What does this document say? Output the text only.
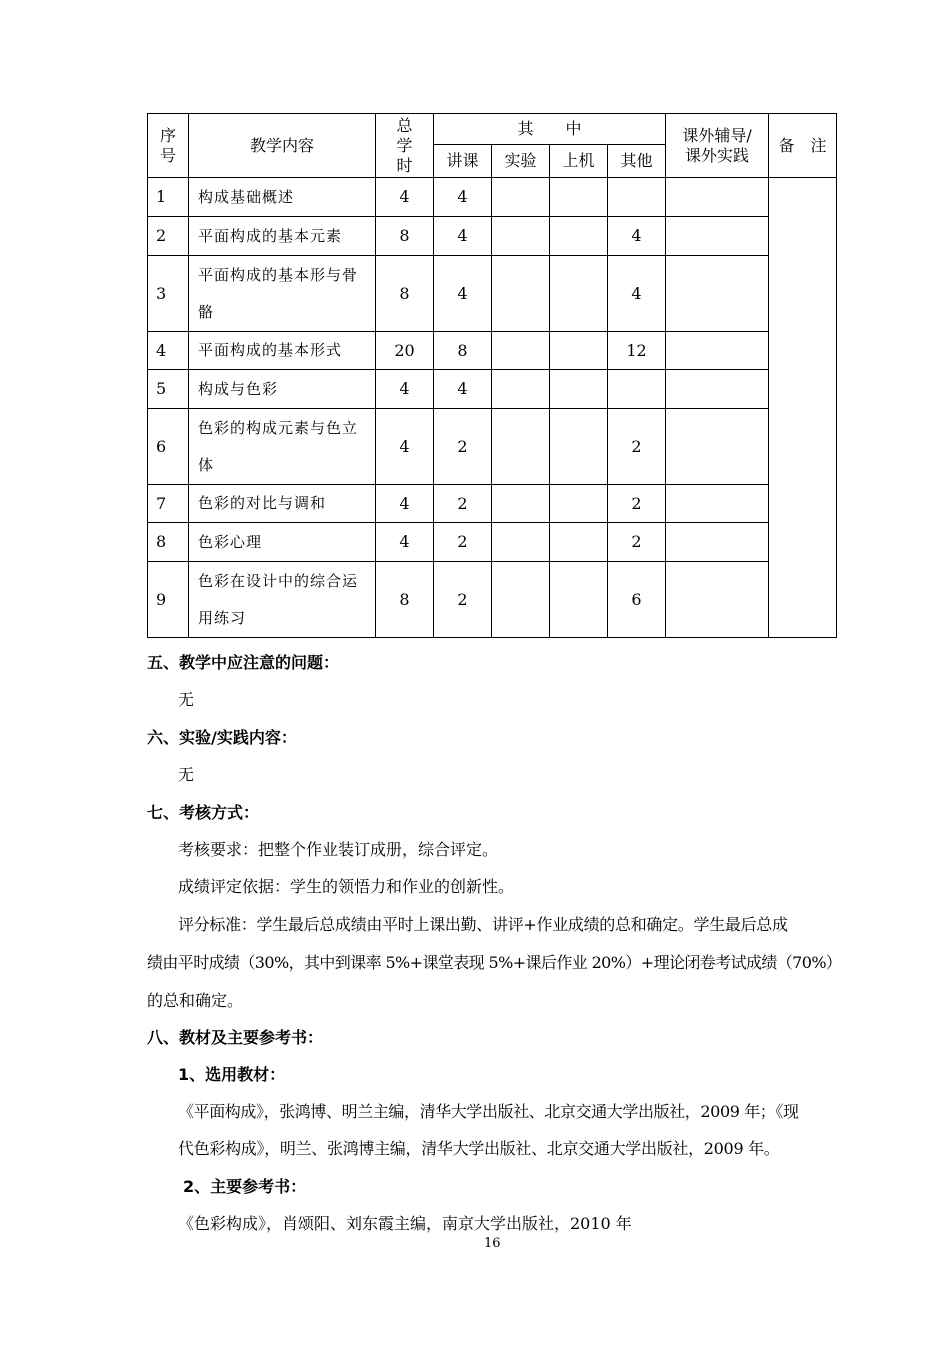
序号	教学内容	总学时	其　　中				课外辅导/课外实践	备　注
			讲课	实验	上机	其他		
1	构成基础概述	4	4					
2	平面构成的基本元素	8	4			4		
3	平面构成的基本形与骨骼	8	4			4		
4	平面构成的基本形式	20	8			12		
5	构成与色彩	4	4					
6	色彩的构成元素与色立体	4	2			2		
7	色彩的对比与调和	4	2			2		
8	色彩心理	4	2			2		
9	色彩在设计中的综合运用练习	8	2			6		
五、教学中应注意的问题：
无
六、实验/实践内容：
无
七、考核方式：
考核要求：把整个作业装订成册，综合评定。
成绩评定依据：学生的领悟力和作业的创新性。
评分标准：学生最后总成绩由平时上课出勤、讲评+作业成绩的总和确定。学生最后总成
绩由平时成绩（30%，其中到课率 5%+课堂表现 5%+课后作业 20%）+理论闭卷考试成绩（70%）
的总和确定。
八、教材及主要参考书：
1、选用教材：
《平面构成》，张鸿博、明兰主编，清华大学出版社、北京交通大学出版社，2009 年；《现
代色彩构成》，明兰、张鸿博主编，清华大学出版社、北京交通大学出版社，2009 年。
2、主要参考书：
《色彩构成》，肖颂阳、刘东霞主编，南京大学出版社，2010 年
16
